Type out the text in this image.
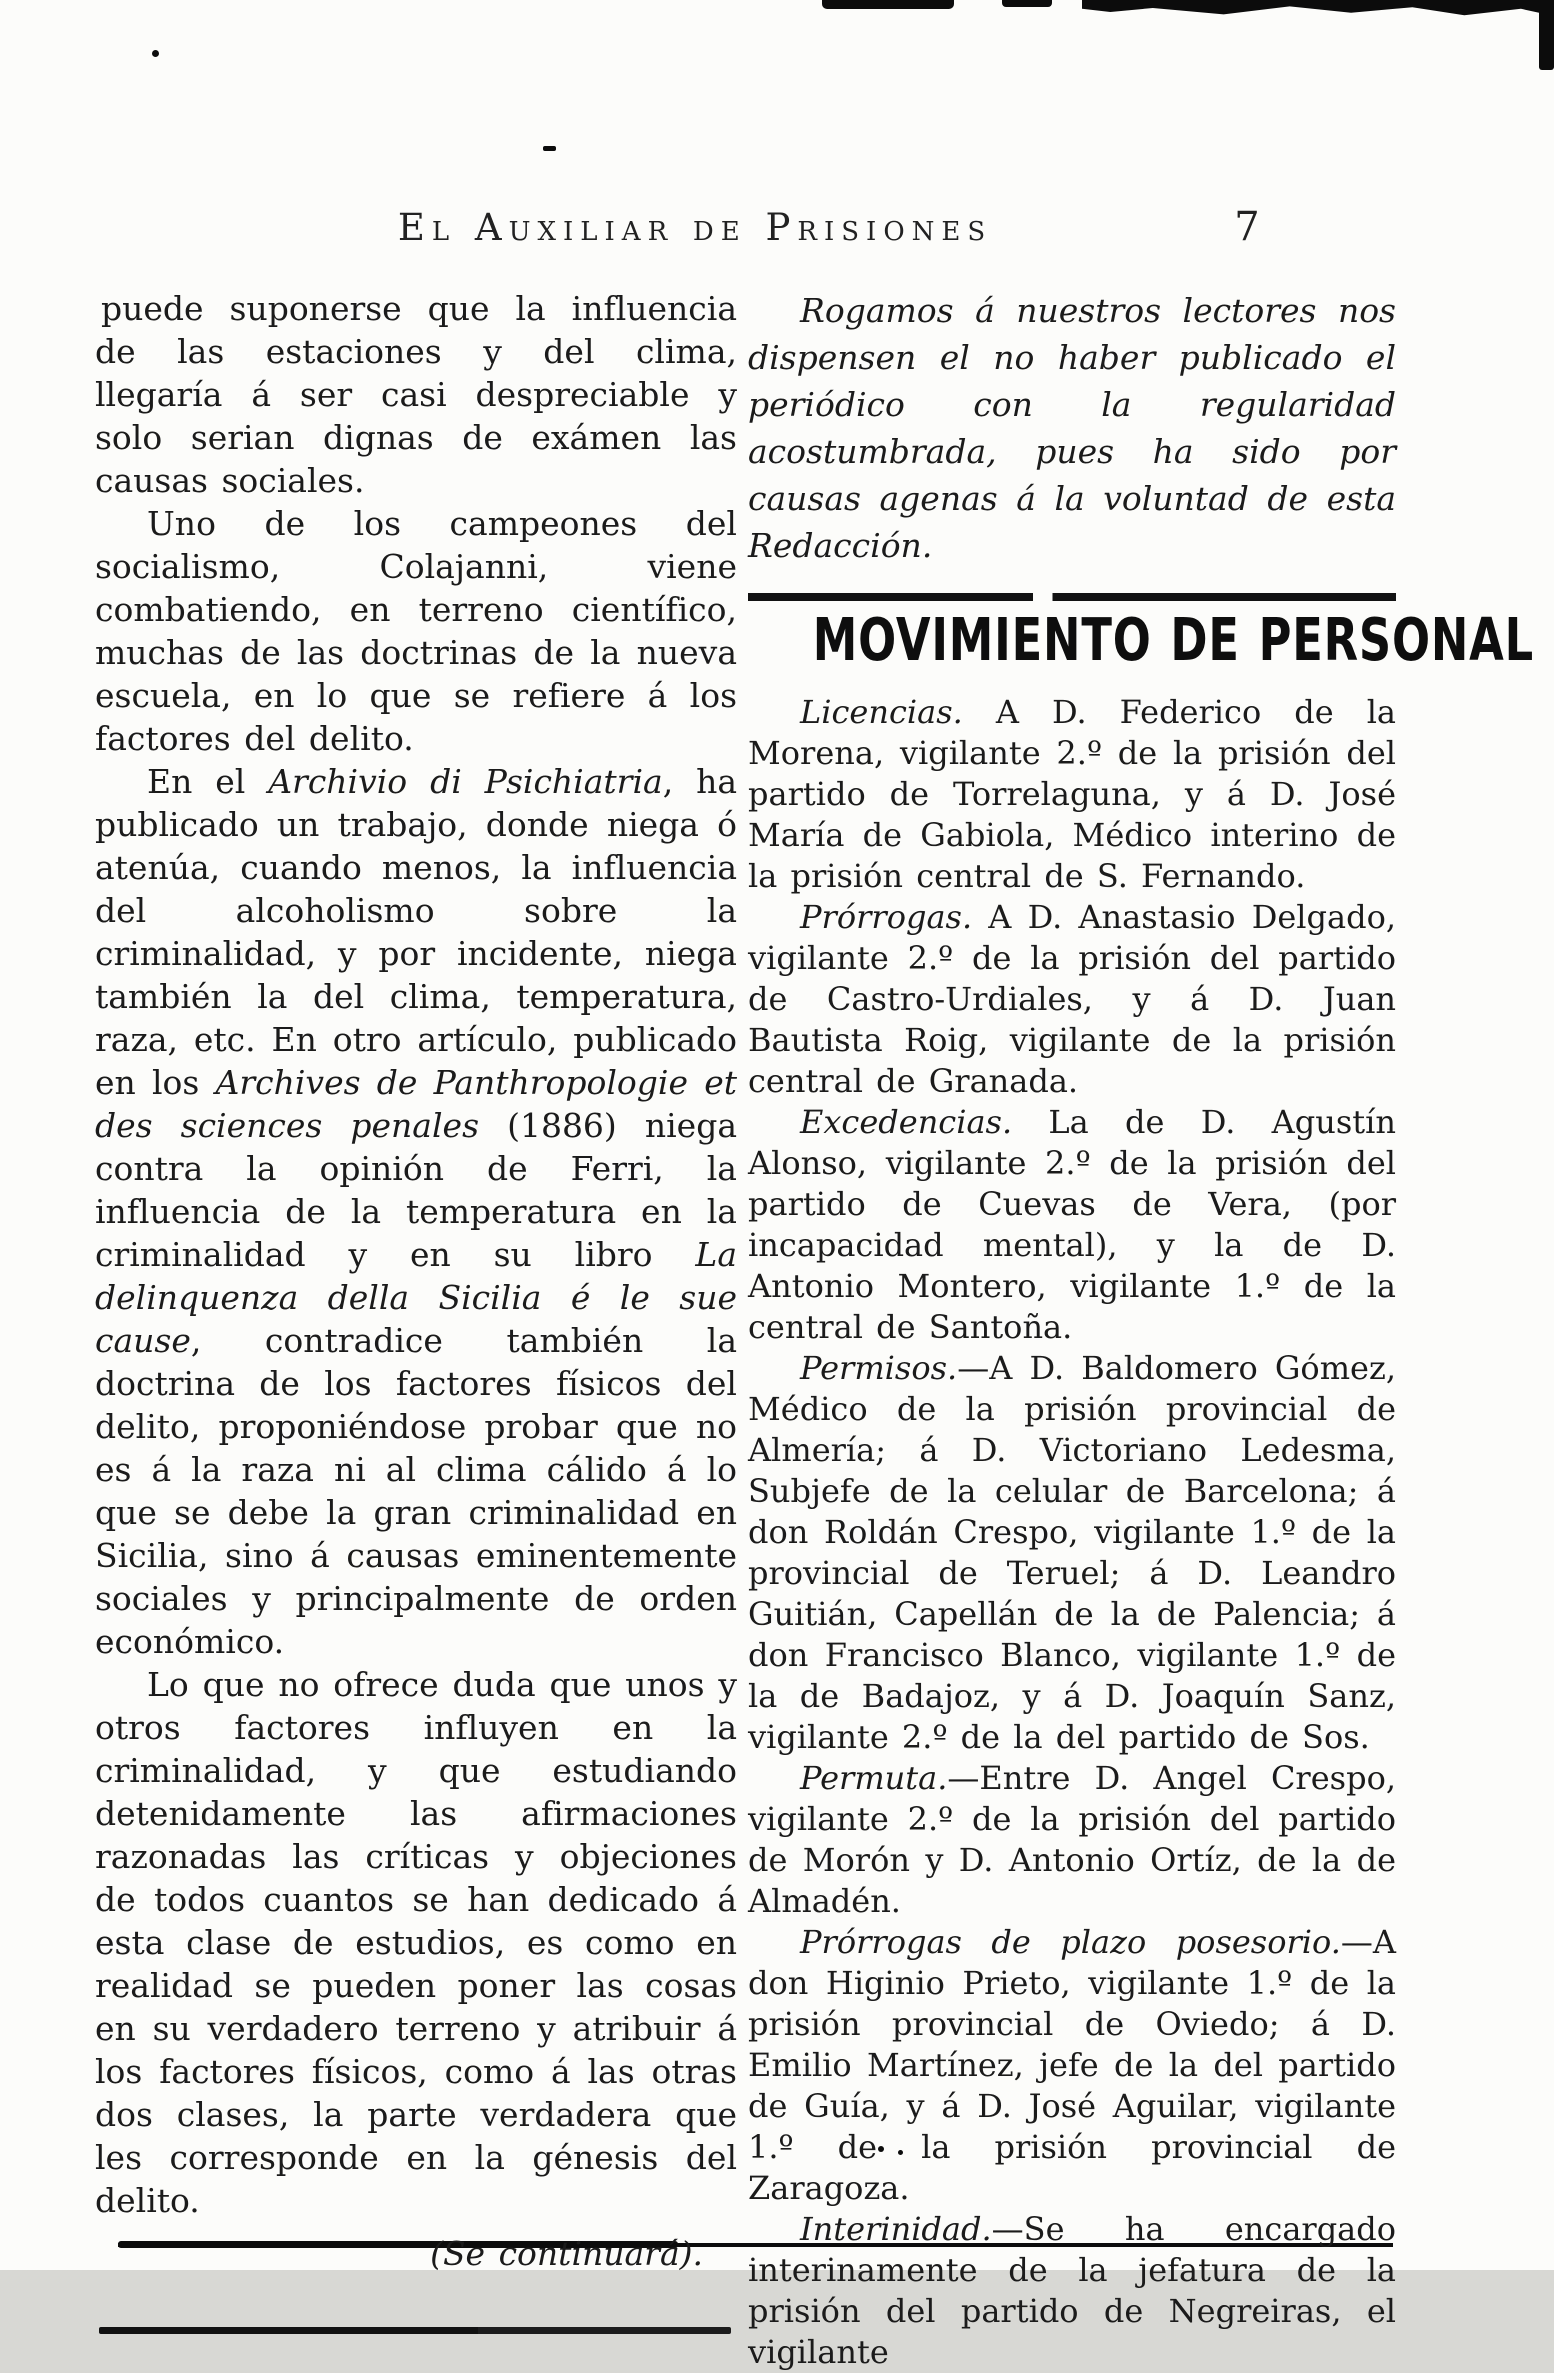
El Auxiliar de Prisiones	7

puede suponerse que la influencia de las estaciones y del clima, llegaría á ser casi despreciable y solo serian dignas de exámen las causas sociales.

Uno de los campeones del socialismo, Colajanni, viene combatiendo, en terreno científico, muchas de las doctrinas de la nueva escuela, en lo que se refiere á los factores del delito.

En el Archivio di Psichiatria, ha publicado un trabajo, donde niega ó atenúa, cuando menos, la influencia del alcoholismo sobre la criminalidad, y por incidente, niega también la del clima, temperatura, raza, etc. En otro artículo, publicado en los Archives de Panthropologie et des sciences penales (1886) niega contra la opinión de Ferri, la influencia de la temperatura en la criminalidad y en su libro La delinquenza della Sicilia é le sue cause, contradice también la doctrina de los factores físicos del delito, proponiéndose probar que no es á la raza ni al clima cálido á lo que se debe la gran criminalidad en Sicilia, sino á causas eminentemente sociales y principalmente de orden económico.

Lo que no ofrece duda que unos y otros factores influyen en la criminalidad, y que estudiando detenidamente las afirmaciones razonadas las críticas y objeciones de todos cuantos se han dedicado á esta clase de estudios, es como en realidad se pueden poner las cosas en su verdadero terreno y atribuir á los factores físicos, como á las otras dos clases, la parte verdadera que les corresponde en la génesis del delito.

(Se continuará).

Rogamos á nuestros lectores nos dispensen el no haber publicado el periódico con la regularidad acostumbrada, pues ha sido por causas agenas á la voluntad de esta Redacción.

MOVIMIENTO DE PERSONAL

Licencias. A D. Federico de la Morena, vigilante 2.º de la prisión del partido de Torrelaguna, y á D. José María de Gabiola, Médico interino de la prisión central de S. Fernando.

Prórrogas. A D. Anastasio Delgado, vigilante 2.º de la prisión del partido de Castro-Urdiales, y á D. Juan Bautista Roig, vigilante de la prisión central de Granada.

Excedencias. La de D. Agustín Alonso, vigilante 2.º de la prisión del partido de Cuevas de Vera, (por incapacidad mental), y la de D. Antonio Montero, vigilante 1.º de la central de Santoña.

Permisos.—A D. Baldomero Gómez, Médico de la prisión provincial de Almería; á D. Victoriano Ledesma, Subjefe de la celular de Barcelona; á don Roldán Crespo, vigilante 1.º de la provincial de Teruel; á D. Leandro Guitián, Capellán de la de Palencia; á don Francisco Blanco, vigilante 1.º de la de Badajoz, y á D. Joaquín Sanz, vigilante 2.º de la del partido de Sos.

Permuta.—Entre D. Angel Crespo, vigilante 2.º de la prisión del partido de Morón y D. Antonio Ortíz, de la de Almadén.

Prórrogas de plazo posesorio.—A don Higinio Prieto, vigilante 1.º de la prisión provincial de Oviedo; á D. Emilio Martínez, jefe de la del partido de Guía, y á D. José Aguilar, vigilante 1.º de la prisión provincial de Zaragoza.

Interinidad.—Se ha encargado interinamente de la jefatura de la prisión del partido de Negreiras, el vigilante
